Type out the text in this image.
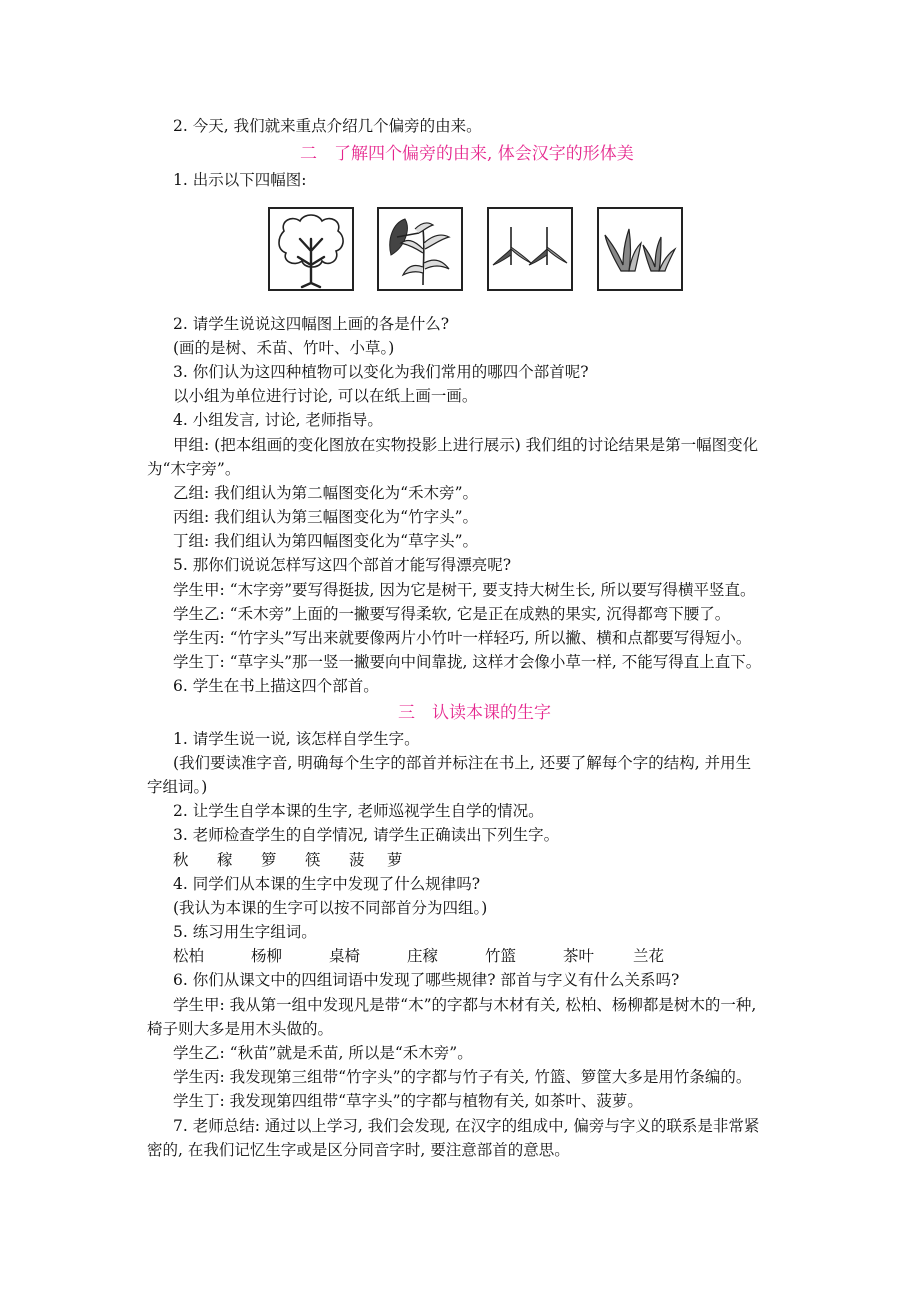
2. 今天, 我们就来重点介绍几个偏旁的由来。
二　了解四个偏旁的由来, 体会汉字的形体美
1. 出示以下四幅图:
2. 请学生说说这四幅图上画的各是什么?
(画的是树、禾苗、竹叶、小草。)
3. 你们认为这四种植物可以变化为我们常用的哪四个部首呢?
以小组为单位进行讨论, 可以在纸上画一画。
4. 小组发言, 讨论, 老师指导。
甲组: (把本组画的变化图放在实物投影上进行展示) 我们组的讨论结果是第一幅图变化
为“木字旁”。
乙组: 我们组认为第二幅图变化为“禾木旁”。
丙组: 我们组认为第三幅图变化为“竹字头”。
丁组: 我们组认为第四幅图变化为“草字头”。
5. 那你们说说怎样写这四个部首才能写得漂亮呢?
学生甲: “木字旁”要写得挺拔, 因为它是树干, 要支持大树生长, 所以要写得横平竖直。
学生乙: “禾木旁”上面的一撇要写得柔软, 它是正在成熟的果实, 沉得都弯下腰了。
学生丙: “竹字头”写出来就要像两片小竹叶一样轻巧, 所以撇、横和点都要写得短小。
学生丁: “草字头”那一竖一撇要向中间靠拢, 这样才会像小草一样, 不能写得直上直下。
6. 学生在书上描这四个部首。
三　认读本课的生字
1. 请学生说一说, 该怎样自学生字。
(我们要读准字音, 明确每个生字的部首并标注在书上, 还要了解每个字的结构, 并用生
字组词。)
2. 让学生自学本课的生字, 老师巡视学生自学的情况。
3. 老师检查学生的自学情况, 请学生正确读出下列生字。
秋 稼 箩 筷 菠 萝
4. 同学们从本课的生字中发现了什么规律吗?
(我认为本课的生字可以按不同部首分为四组。)
5. 练习用生字组词。
松柏	杨柳	桌椅	庄稼	竹篮	茶叶	兰花
6. 你们从课文中的四组词语中发现了哪些规律? 部首与字义有什么关系吗?
学生甲: 我从第一组中发现凡是带“木”的字都与木材有关, 松柏、杨柳都是树木的一种,
椅子则大多是用木头做的。
学生乙: “秋苗”就是禾苗, 所以是“禾木旁”。
学生丙: 我发现第三组带“竹字头”的字都与竹子有关, 竹篮、箩筐大多是用竹条编的。
学生丁: 我发现第四组带“草字头”的字都与植物有关, 如茶叶、菠萝。
7. 老师总结: 通过以上学习, 我们会发现, 在汉字的组成中, 偏旁与字义的联系是非常紧
密的, 在我们记忆生字或是区分同音字时, 要注意部首的意思。
